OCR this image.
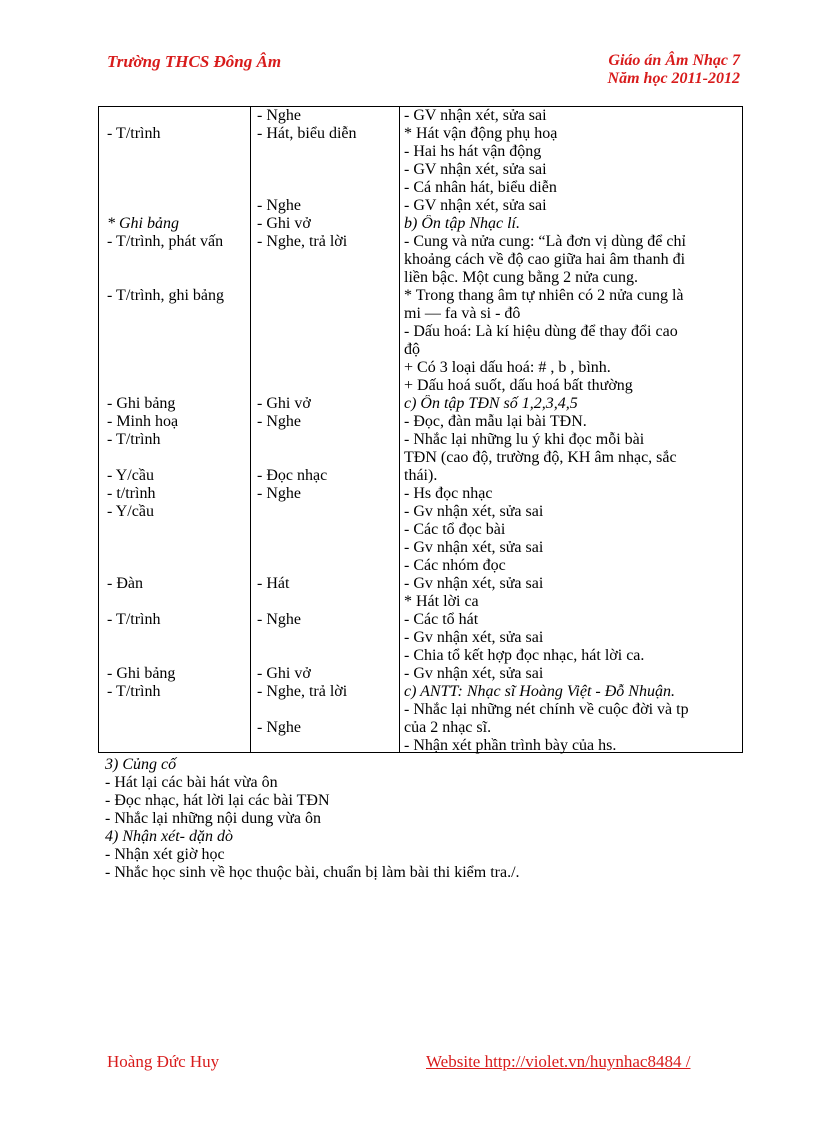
Trường THCS Đông Âm	Giáo án Âm Nhạc 7
Năm học 2011-2012
- T/trình
* Ghi bảng
- T/trình, phát vấn
- T/trình, ghi bảng
- Ghi bảng
- Minh hoạ
- T/trình
- Y/cầu
- t/trình
- Y/cầu
- Đàn
- T/trình
- Ghi bảng
- T/trình
- Nghe
- Hát, biểu diễn
- Nghe
- Ghi vở
- Nghe, trả lời
- Ghi vở
- Nghe
- Đọc nhạc
- Nghe
- Hát
- Nghe
- Ghi vở
- Nghe, trả lời
- Nghe
- GV nhận xét, sửa sai
* Hát vận động phụ hoạ
- Hai hs hát vận động
- GV nhận xét, sửa sai
- Cá nhân hát, biểu diễn
- GV nhận xét, sửa sai
b) Ôn tập Nhạc lí.
- Cung và nửa cung: “Là đơn vị dùng để chỉ
khoảng cách về độ cao giữa hai âm thanh đi
liền bậc. Một cung bằng 2 nửa cung.
* Trong thang âm tự nhiên có 2 nửa cung là
mi — fa và si - đô
- Dấu hoá: Là kí hiệu dùng để thay đổi cao
độ
+ Có 3 loại dấu hoá: # , b , bình.
+ Dấu hoá suốt, dấu hoá bất thường
c) Ôn tập TĐN số 1,2,3,4,5
- Đọc, đàn mẫu lại bài TĐN.
- Nhắc lại những lu ý khi đọc mỗi bài
TĐN (cao độ, trường độ, KH âm nhạc, sắc
thái).
- Hs đọc nhạc
- Gv nhận xét, sửa sai
- Các tổ đọc bài
- Gv nhận xét, sửa sai
- Các nhóm đọc
- Gv nhận xét, sửa sai
* Hát lời ca
- Các tổ hát
- Gv nhận xét, sửa sai
- Chia tổ kết hợp đọc nhạc, hát lời ca.
- Gv nhận xét, sửa sai
c) ANTT: Nhạc sĩ Hoàng Việt - Đỗ Nhuận.
- Nhắc lại những nét chính về cuộc đời và tp
của 2 nhạc sĩ.
- Nhận xét phần trình bày của hs.
3) Củng cố
- Hát lại các bài hát vừa ôn
- Đọc nhạc, hát lời lại các bài TĐN
- Nhắc lại những nội dung vừa ôn
4) Nhận xét- dặn dò
- Nhận xét giờ học
- Nhắc học sinh về học thuộc bài, chuẩn bị làm bài thi kiểm tra./.
Hoàng Đức Huy	Website http://violet.vn/huynhac8484 /
